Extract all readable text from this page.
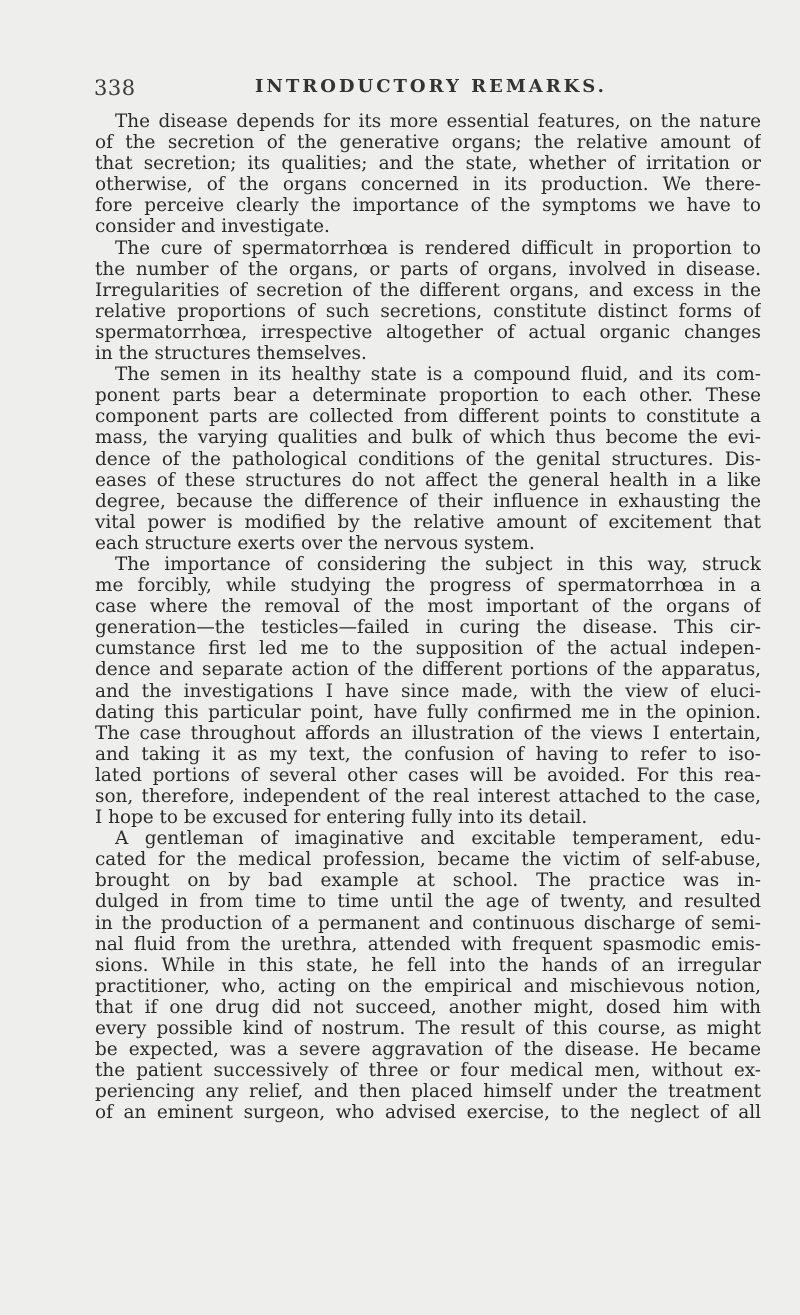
338	INTRODUCTORY REMARKS.
The disease depends for its more essential features, on the nature
of the secretion of the generative organs; the relative amount of
that secretion; its qualities; and the state, whether of irritation or
otherwise, of the organs concerned in its production. We there-
fore perceive clearly the importance of the symptoms we have to
consider and investigate.
The cure of spermatorrhœa is rendered difficult in proportion to
the number of the organs, or parts of organs, involved in disease.
Irregularities of secretion of the different organs, and excess in the
relative proportions of such secretions, constitute distinct forms of
spermatorrhœa, irrespective altogether of actual organic changes
in the structures themselves.
The semen in its healthy state is a compound fluid, and its com-
ponent parts bear a determinate proportion to each other. These
component parts are collected from different points to constitute a
mass, the varying qualities and bulk of which thus become the evi-
dence of the pathological conditions of the genital structures. Dis-
eases of these structures do not affect the general health in a like
degree, because the difference of their influence in exhausting the
vital power is modified by the relative amount of excitement that
each structure exerts over the nervous system.
The importance of considering the subject in this way, struck
me forcibly, while studying the progress of spermatorrhœa in a
case where the removal of the most important of the organs of
generation—the testicles—failed in curing the disease. This cir-
cumstance first led me to the supposition of the actual indepen-
dence and separate action of the different portions of the apparatus,
and the investigations I have since made, with the view of eluci-
dating this particular point, have fully confirmed me in the opinion.
The case throughout affords an illustration of the views I entertain,
and taking it as my text, the confusion of having to refer to iso-
lated portions of several other cases will be avoided. For this rea-
son, therefore, independent of the real interest attached to the case,
I hope to be excused for entering fully into its detail.
A gentleman of imaginative and excitable temperament, edu-
cated for the medical profession, became the victim of self-abuse,
brought on by bad example at school. The practice was in-
dulged in from time to time until the age of twenty, and resulted
in the production of a permanent and continuous discharge of semi-
nal fluid from the urethra, attended with frequent spasmodic emis-
sions. While in this state, he fell into the hands of an irregular
practitioner, who, acting on the empirical and mischievous notion,
that if one drug did not succeed, another might, dosed him with
every possible kind of nostrum. The result of this course, as might
be expected, was a severe aggravation of the disease. He became
the patient successively of three or four medical men, without ex-
periencing any relief, and then placed himself under the treatment
of an eminent surgeon, who advised exercise, to the neglect of all
